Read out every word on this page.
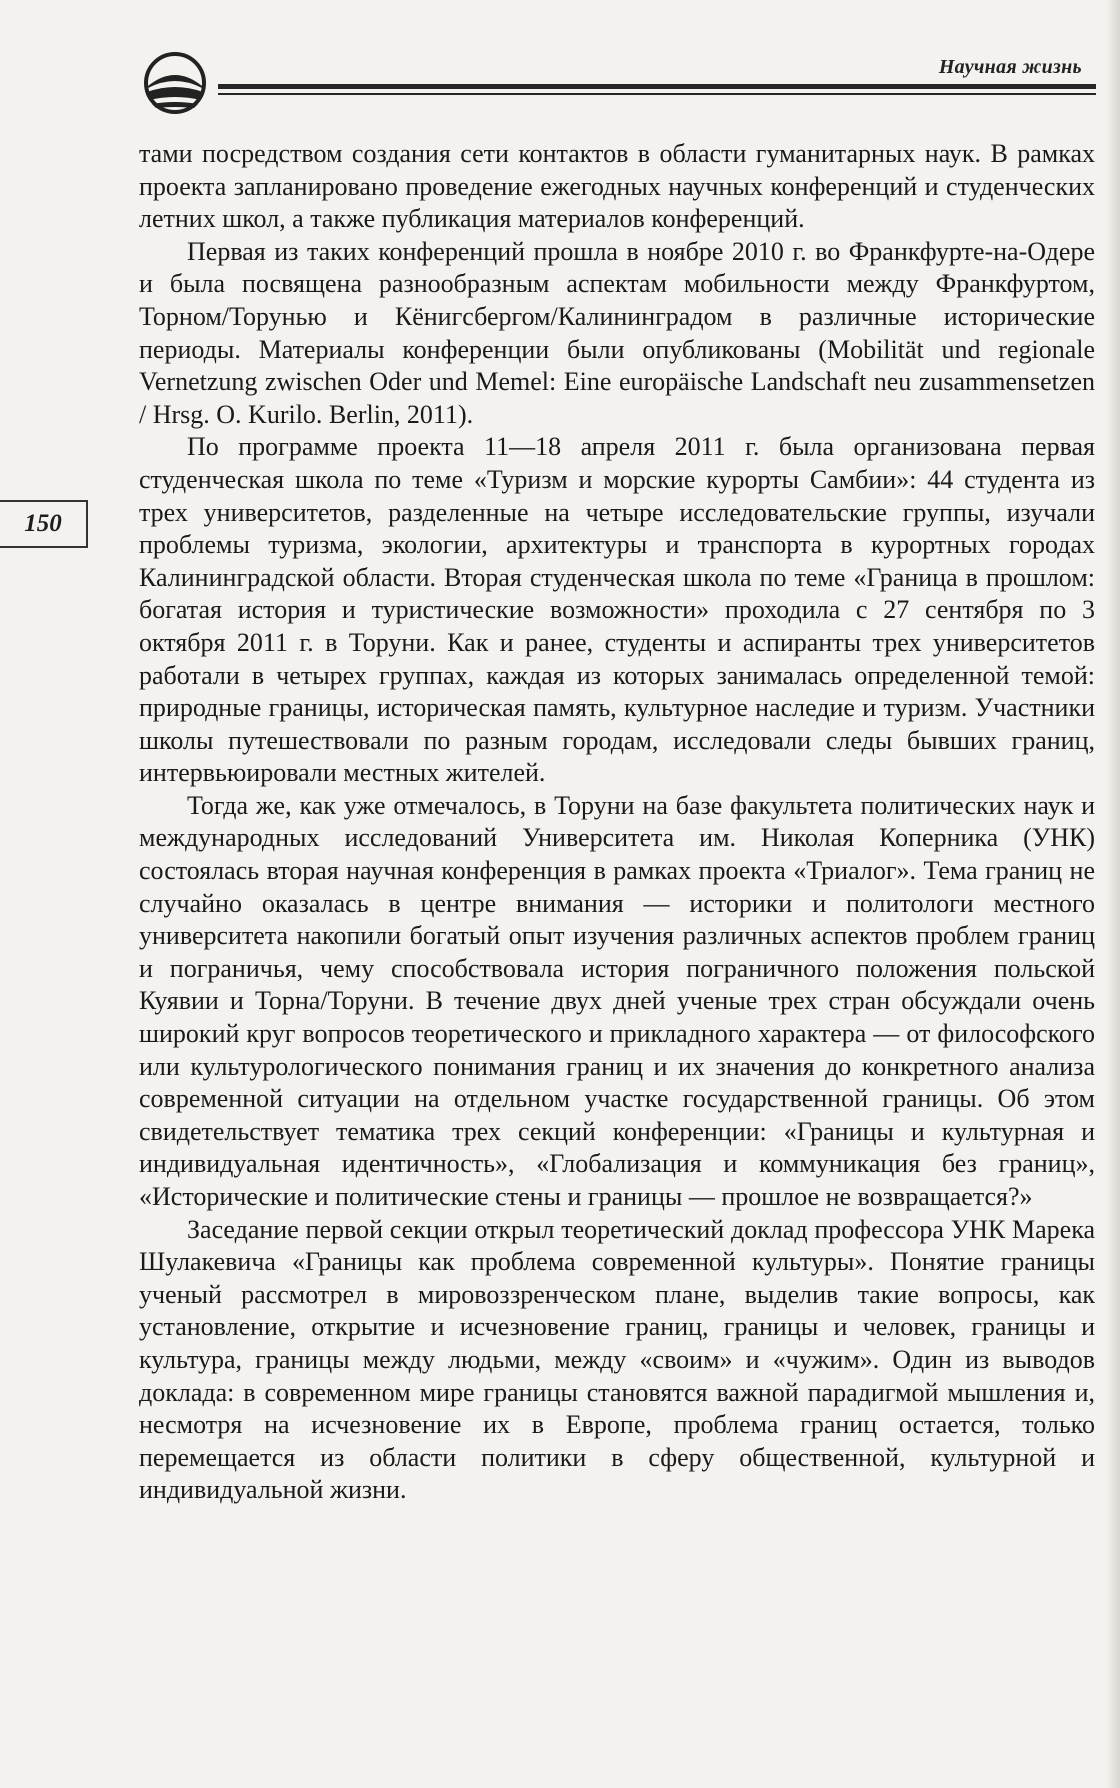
Научная жизнь
150

тами посредством создания сети контактов в области гуманитарных наук. В рамках проекта запланировано проведение ежегодных научных конференций и студенческих летних школ, а также публикация материалов конференций.

Первая из таких конференций прошла в ноябре 2010 г. во Франкфурте-на-Одере и была посвящена разнообразным аспектам мобильности между Франкфуртом, Торном/Торунью и Кёнигсбергом/Калининградом в различные исторические периоды. Материалы конференции были опубликованы (Mobilität und regionale Vernetzung zwischen Oder und Memel: Eine europäische Landschaft neu zusammensetzen / Hrsg. O. Kurilo. Berlin, 2011).

По программе проекта 11—18 апреля 2011 г. была организована первая студенческая школа по теме «Туризм и морские курорты Самбии»: 44 студента из трех университетов, разделенные на четыре исследовательские группы, изучали проблемы туризма, экологии, архитектуры и транспорта в курортных городах Калининградской области. Вторая студенческая школа по теме «Граница в прошлом: богатая история и туристические возможности» проходила с 27 сентября по 3 октября 2011 г. в Торуни. Как и ранее, студенты и аспиранты трех университетов работали в четырех группах, каждая из которых занималась определенной темой: природные границы, историческая память, культурное наследие и туризм. Участники школы путешествовали по разным городам, исследовали следы бывших границ, интервьюировали местных жителей.

Тогда же, как уже отмечалось, в Торуни на базе факультета политических наук и международных исследований Университета им. Николая Коперника (УНК) состоялась вторая научная конференция в рамках проекта «Триалог». Тема границ не случайно оказалась в центре внимания — историки и политологи местного университета накопили богатый опыт изучения различных аспектов проблем границ и пограничья, чему способствовала история пограничного положения польской Куявии и Торна/Торуни. В течение двух дней ученые трех стран обсуждали очень широкий круг вопросов теоретического и прикладного характера — от философского или культурологического понимания границ и их значения до конкретного анализа современной ситуации на отдельном участке государственной границы. Об этом свидетельствует тематика трех секций конференции: «Границы и культурная и индивидуальная идентичность», «Глобализация и коммуникация без границ», «Исторические и политические стены и границы — прошлое не возвращается?»

Заседание первой секции открыл теоретический доклад профессора УНК Марека Шулакевича «Границы как проблема современной культуры». Понятие границы ученый рассмотрел в мировоззренческом плане, выделив такие вопросы, как установление, открытие и исчезновение границ, границы и человек, границы и культура, границы между людьми, между «своим» и «чужим». Один из выводов доклада: в современном мире границы становятся важной парадигмой мышления и, несмотря на исчезновение их в Европе, проблема границ остается, только перемещается из области политики в сферу общественной, культурной и индивидуальной жизни.
